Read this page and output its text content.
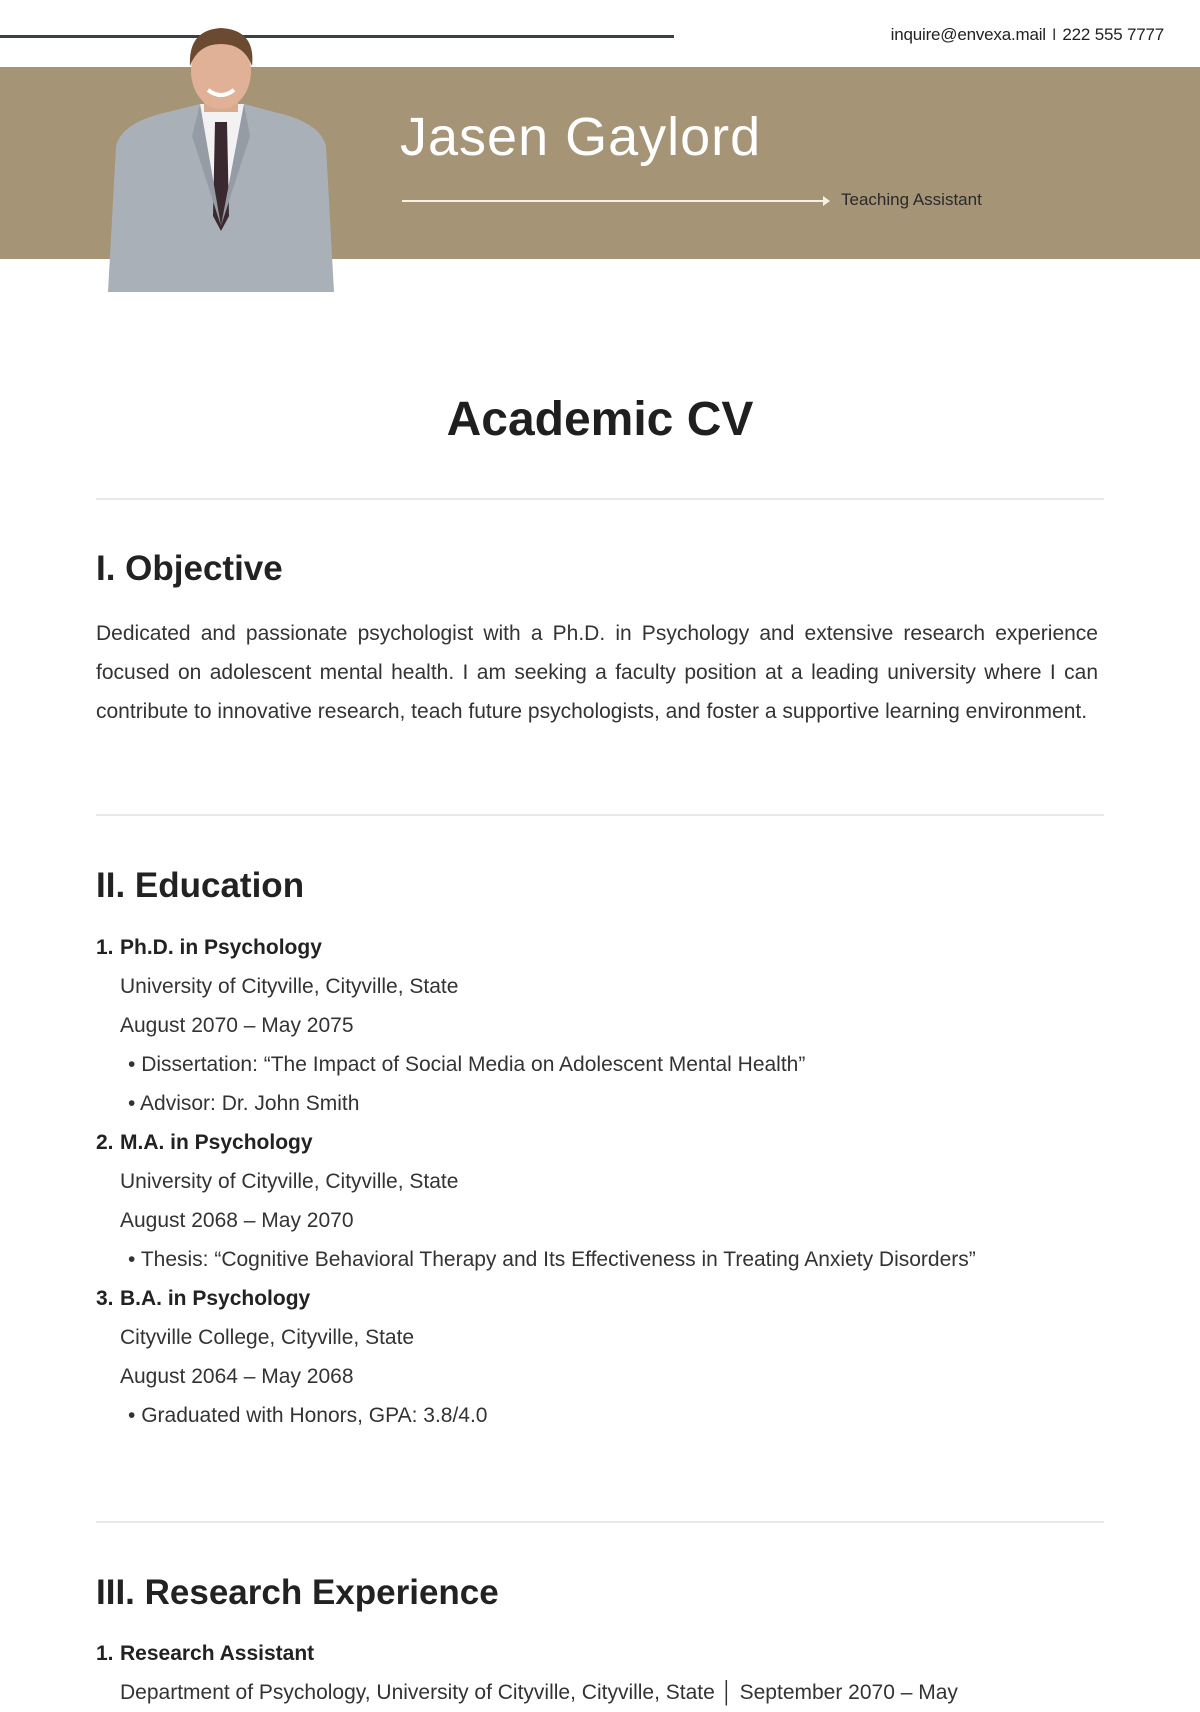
inquire@envexa.mail I 222 555 7777
Jasen Gaylord
Teaching Assistant
Academic CV
I. Objective
Dedicated and passionate psychologist with a Ph.D. in Psychology and extensive research experience focused on adolescent mental health. I am seeking a faculty position at a leading university where I can contribute to innovative research, teach future psychologists, and foster a supportive learning environment.
II. Education
1. Ph.D. in Psychology
University of Cityville, Cityville, State
August 2070 – May 2075
• Dissertation: “The Impact of Social Media on Adolescent Mental Health”
• Advisor: Dr. John Smith
2. M.A. in Psychology
University of Cityville, Cityville, State
August 2068 – May 2070
• Thesis: “Cognitive Behavioral Therapy and Its Effectiveness in Treating Anxiety Disorders”
3. B.A. in Psychology
Cityville College, Cityville, State
August 2064 – May 2068
• Graduated with Honors, GPA: 3.8/4.0
III. Research Experience
1. Research Assistant
Department of Psychology, University of Cityville, Cityville, State │ September 2070 – May
